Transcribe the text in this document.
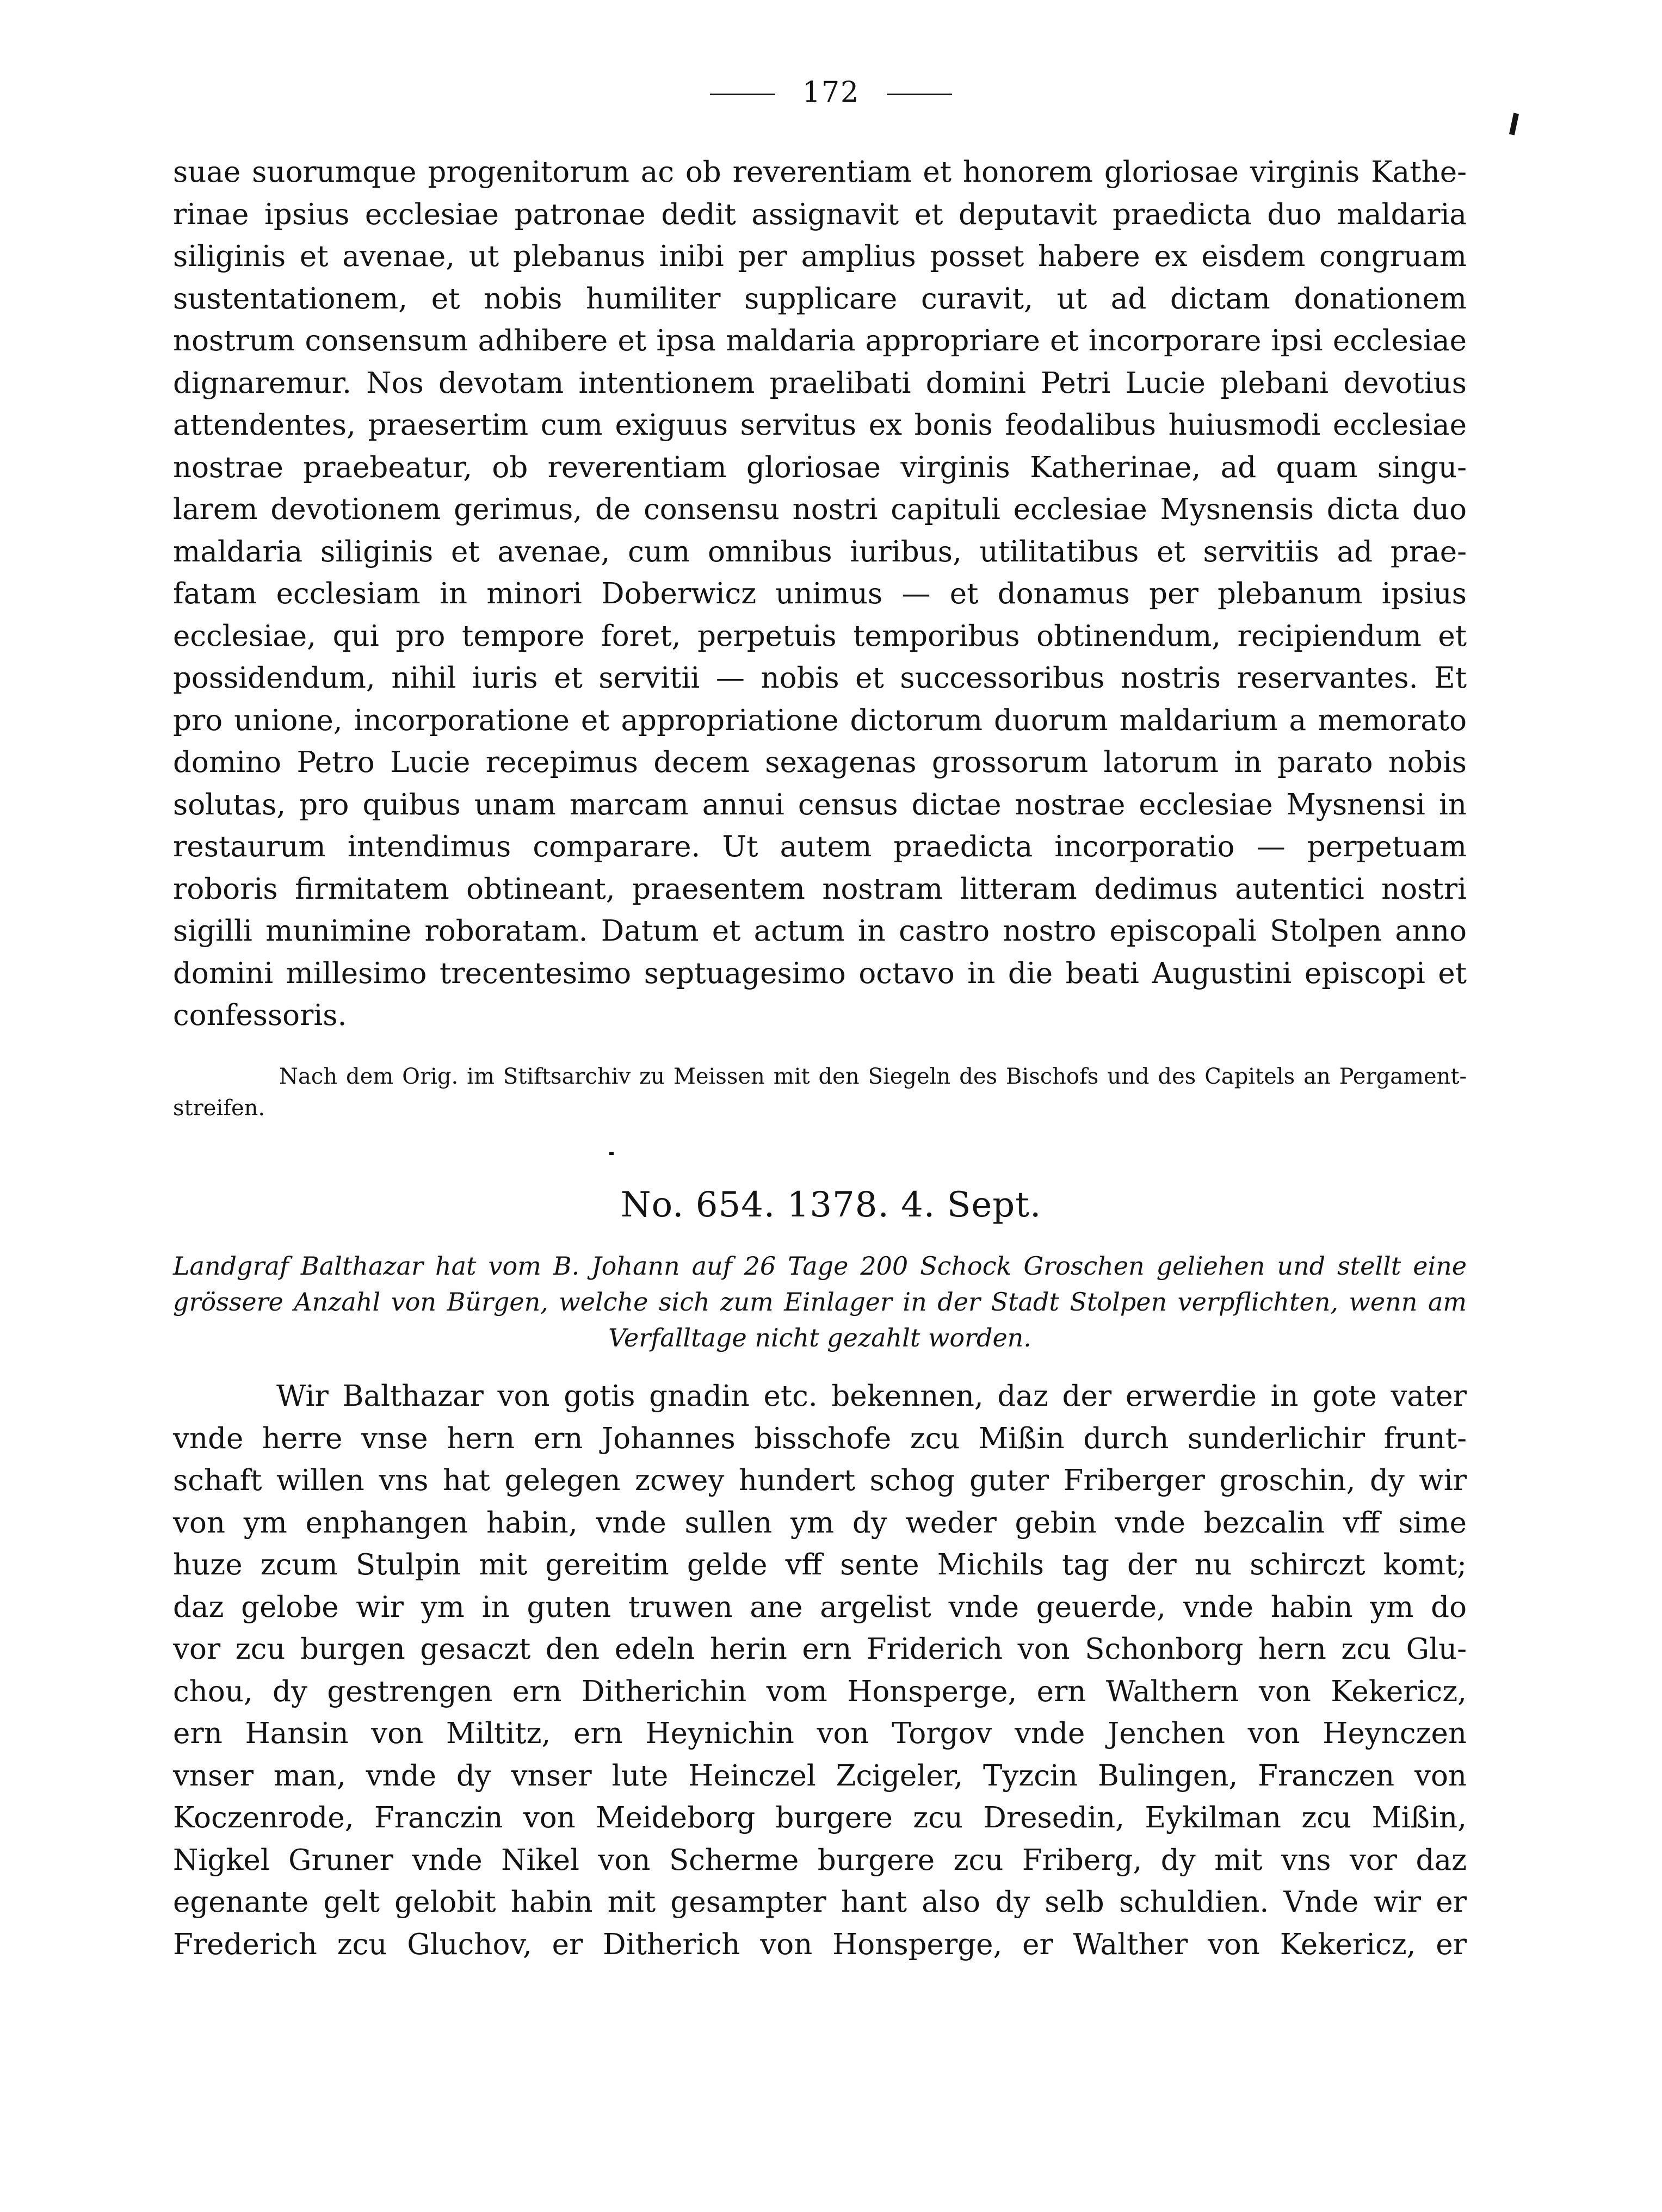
172

suae suorumque progenitorum ac ob reverentiam et honorem gloriosae virginis Kathe-
rinae ipsius ecclesiae patronae dedit assignavit et deputavit praedicta duo maldaria
siliginis et avenae, ut plebanus inibi per amplius posset habere ex eisdem congruam
sustentationem, et nobis humiliter supplicare curavit, ut ad dictam donationem
nostrum consensum adhibere et ipsa maldaria appropriare et incorporare ipsi ecclesiae
dignaremur. Nos devotam intentionem praelibati domini Petri Lucie plebani devotius
attendentes, praesertim cum exiguus servitus ex bonis feodalibus huiusmodi ecclesiae
nostrae praebeatur, ob reverentiam gloriosae virginis Katherinae, ad quam singu-
larem devotionem gerimus, de consensu nostri capituli ecclesiae Mysnensis dicta duo
maldaria siliginis et avenae, cum omnibus iuribus, utilitatibus et servitiis ad prae-
fatam ecclesiam in minori Doberwicz unimus — et donamus per plebanum ipsius
ecclesiae, qui pro tempore foret, perpetuis temporibus obtinendum, recipiendum et
possidendum, nihil iuris et servitii — nobis et successoribus nostris reservantes. Et
pro unione, incorporatione et appropriatione dictorum duorum maldarium a memorato
domino Petro Lucie recepimus decem sexagenas grossorum latorum in parato nobis
solutas, pro quibus unam marcam annui census dictae nostrae ecclesiae Mysnensi in
restaurum intendimus comparare. Ut autem praedicta incorporatio — perpetuam
roboris firmitatem obtineant, praesentem nostram litteram dedimus autentici nostri
sigilli munimine roboratam. Datum et actum in castro nostro episcopali Stolpen anno
domini millesimo trecentesimo septuagesimo octavo in die beati Augustini episcopi et
confessoris.

Nach dem Orig. im Stiftsarchiv zu Meissen mit den Siegeln des Bischofs und des Capitels an Pergament-streifen.

No. 654. 1378. 4. Sept.

Landgraf Balthazar hat vom B. Johann auf 26 Tage 200 Schock Groschen geliehen und stellt eine
grössere Anzahl von Bürgen, welche sich zum Einlager in der Stadt Stolpen verpflichten, wenn am
Verfalltage nicht gezahlt worden.

Wir Balthazar von gotis gnadin etc. bekennen, daz der erwerdie in gote vater
vnde herre vnse hern ern Johannes bisschofe zcu Mißin durch sunderlichir frunt-
schaft willen vns hat gelegen zcwey hundert schog guter Friberger groschin, dy wir
von ym enphangen habin, vnde sullen ym dy weder gebin vnde bezcalin vff sime
huze zcum Stulpin mit gereitim gelde vff sente Michils tag der nu schirczt komt;
daz gelobe wir ym in guten truwen ane argelist vnde geuerde, vnde habin ym do
vor zcu burgen gesaczt den edeln herin ern Friderich von Schonborg hern zcu Glu-
chou, dy gestrengen ern Ditherichin vom Honsperge, ern Walthern von Kekericz,
ern Hansin von Miltitz, ern Heynichin von Torgov vnde Jenchen von Heynczen
vnser man, vnde dy vnser lute Heinczel Zcigeler, Tyzcin Bulingen, Franczen von
Koczenrode, Franczin von Meideborg burgere zcu Dresedin, Eykilman zcu Mißin,
Nigkel Gruner vnde Nikel von Scherme burgere zcu Friberg, dy mit vns vor daz
egenante gelt gelobit habin mit gesampter hant also dy selb schuldien. Vnde wir er
Frederich zcu Gluchov, er Ditherich von Honsperge, er Walther von Kekericz, er
